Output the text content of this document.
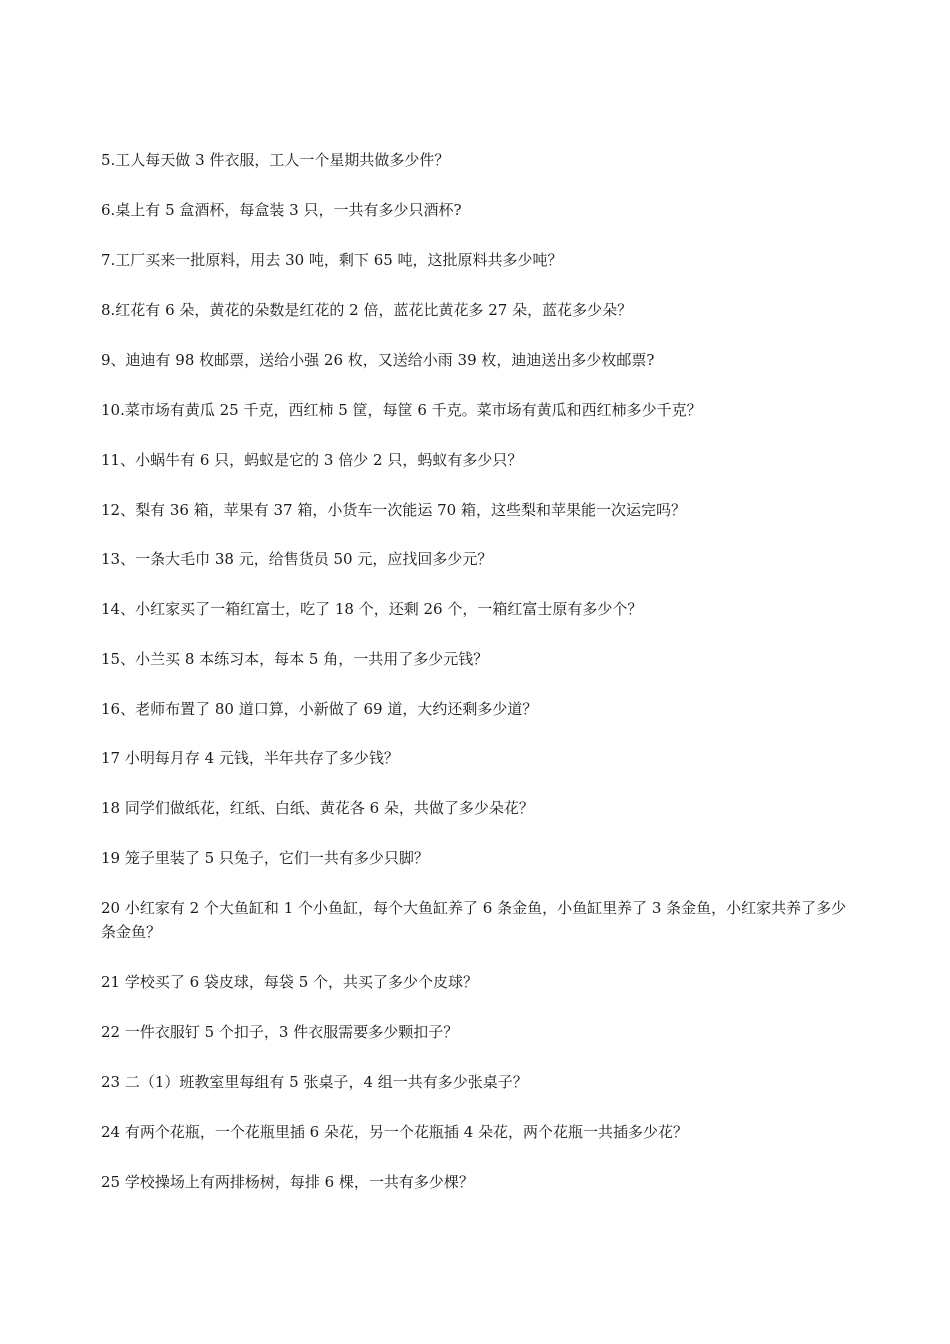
5.工人每天做 3 件衣服，工人一个星期共做多少件？

6.桌上有 5 盒酒杯，每盒装 3 只，一共有多少只酒杯?

7.工厂买来一批原料，用去 30 吨，剩下 65 吨，这批原料共多少吨？

8.红花有 6 朵，黄花的朵数是红花的 2 倍，蓝花比黄花多 27 朵，蓝花多少朵？

9、迪迪有 98 枚邮票，送给小强 26 枚，又送给小雨 39 枚，迪迪送出多少枚邮票?

10.菜市场有黄瓜 25 千克，西红柿 5 筐，每筐 6 千克。菜市场有黄瓜和西红柿多少千克？

11、小蜗牛有 6 只，蚂蚁是它的 3 倍少 2 只，蚂蚁有多少只？

12、梨有 36 箱，苹果有 37 箱，小货车一次能运 70 箱，这些梨和苹果能一次运完吗？

13、一条大毛巾 38 元，给售货员 50 元，应找回多少元？

14、小红家买了一箱红富士，吃了 18 个，还剩 26 个，一箱红富士原有多少个？

15、小兰买 8 本练习本，每本 5 角，一共用了多少元钱？

16、老师布置了 80 道口算，小新做了 69 道，大约还剩多少道？

17 小明每月存 4 元钱，半年共存了多少钱？

18 同学们做纸花，红纸、白纸、黄花各 6 朵，共做了多少朵花？

19 笼子里装了 5 只兔子，它们一共有多少只脚？

20 小红家有 2 个大鱼缸和 1 个小鱼缸，每个大鱼缸养了 6 条金鱼，小鱼缸里养了 3 条金鱼，小红家共养了多少条金鱼？

21 学校买了 6 袋皮球，每袋 5 个，共买了多少个皮球？

22 一件衣服钉 5 个扣子，3 件衣服需要多少颗扣子？

23 二（1）班教室里每组有 5 张桌子，4 组一共有多少张桌子？

24 有两个花瓶，一个花瓶里插 6 朵花，另一个花瓶插 4 朵花，两个花瓶一共插多少花？

25 学校操场上有两排杨树，每排 6 棵，一共有多少棵？
